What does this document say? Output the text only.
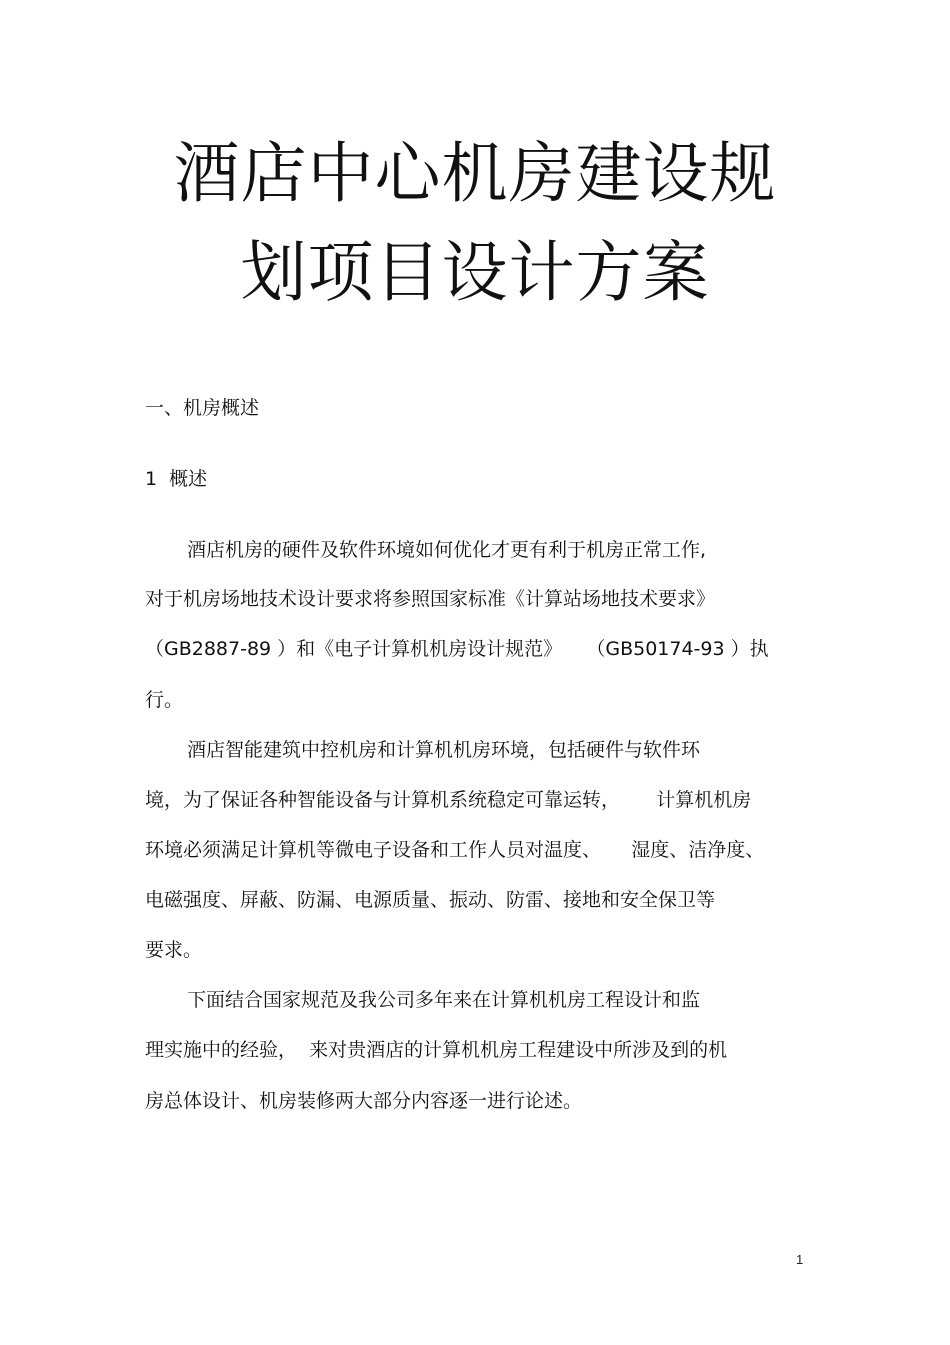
酒店中心机房建设规
划项目设计方案
一、机房概述
1  概述
酒店机房的硬件及软件环境如何优化才更有利于机房正常工作,
对于机房场地技术设计要求将参照国家标准《计算站场地技术要求》
（GB2887-89 ）和《电子计算机机房设计规范》    （GB50174-93 ）执
行。
酒店智能建筑中控机房和计算机机房环境，包括硬件与软件环
境，为了保证各种智能设备与计算机系统稳定可靠运转，      计算机机房
环境必须满足计算机等微电子设备和工作人员对温度、     湿度、洁净度、
电磁强度、屏蔽、防漏、电源质量、振动、防雷、接地和安全保卫等
要求。
下面结合国家规范及我公司多年来在计算机机房工程设计和监
理实施中的经验，  来对贵酒店的计算机机房工程建设中所涉及到的机
房总体设计、机房装修两大部分内容逐一进行论述。
1
